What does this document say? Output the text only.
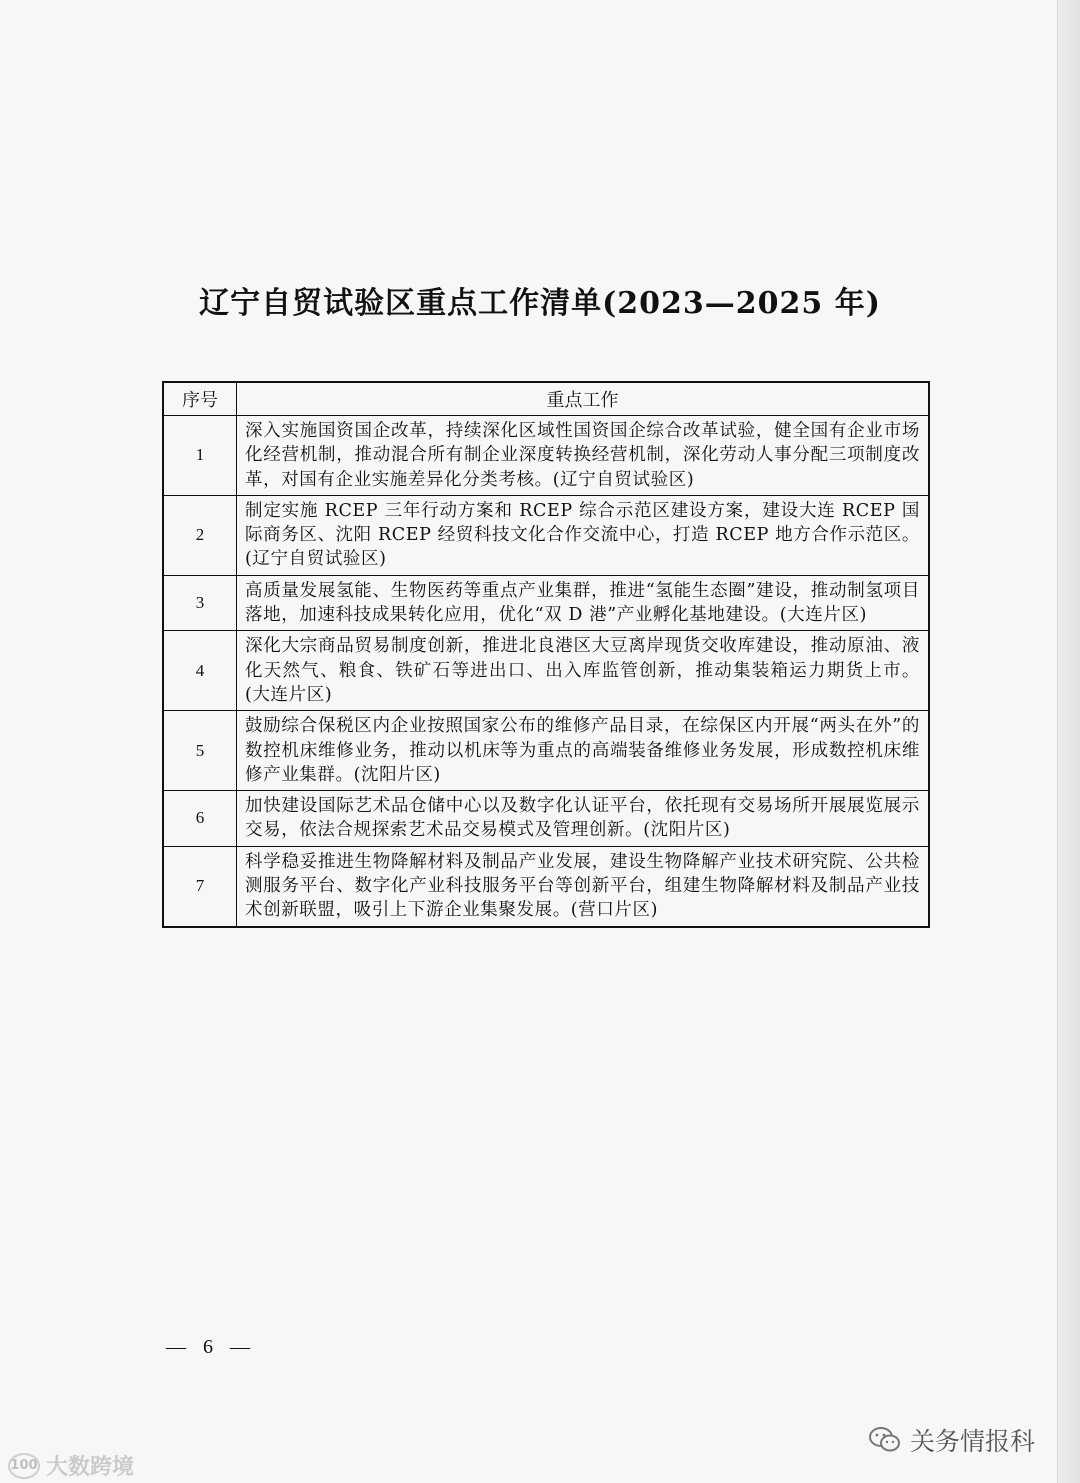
辽宁自贸试验区重点工作清单(2023—2025 年)
序号	重点工作
1	深入实施国资国企改革，持续深化区域性国资国企综合改革试验，健全国有企业市场化经营机制，推动混合所有制企业深度转换经营机制，深化劳动人事分配三项制度改革，对国有企业实施差异化分类考核。(辽宁自贸试验区)
2	制定实施 RCEP 三年行动方案和 RCEP 综合示范区建设方案，建设大连 RCEP 国际商务区、沈阳 RCEP 经贸科技文化合作交流中心，打造 RCEP 地方合作示范区。(辽宁自贸试验区)
3	高质量发展氢能、生物医药等重点产业集群，推进“氢能生态圈”建设，推动制氢项目落地，加速科技成果转化应用，优化“双 D 港”产业孵化基地建设。(大连片区)
4	深化大宗商品贸易制度创新，推进北良港区大豆离岸现货交收库建设，推动原油、液化天然气、粮食、铁矿石等进出口、出入库监管创新，推动集装箱运力期货上市。(大连片区)
5	鼓励综合保税区内企业按照国家公布的维修产品目录，在综保区内开展“两头在外”的数控机床维修业务，推动以机床等为重点的高端装备维修业务发展，形成数控机床维修产业集群。(沈阳片区)
6	加快建设国际艺术品仓储中心以及数字化认证平台，依托现有交易场所开展展览展示交易，依法合规探索艺术品交易模式及管理创新。(沈阳片区)
7	科学稳妥推进生物降解材料及制品产业发展，建设生物降解产业技术研究院、公共检测服务平台、数字化产业科技服务平台等创新平台，组建生物降解材料及制品产业技术创新联盟，吸引上下游企业集聚发展。(营口片区)
— 6 —
100 大数跨境
关务情报科
